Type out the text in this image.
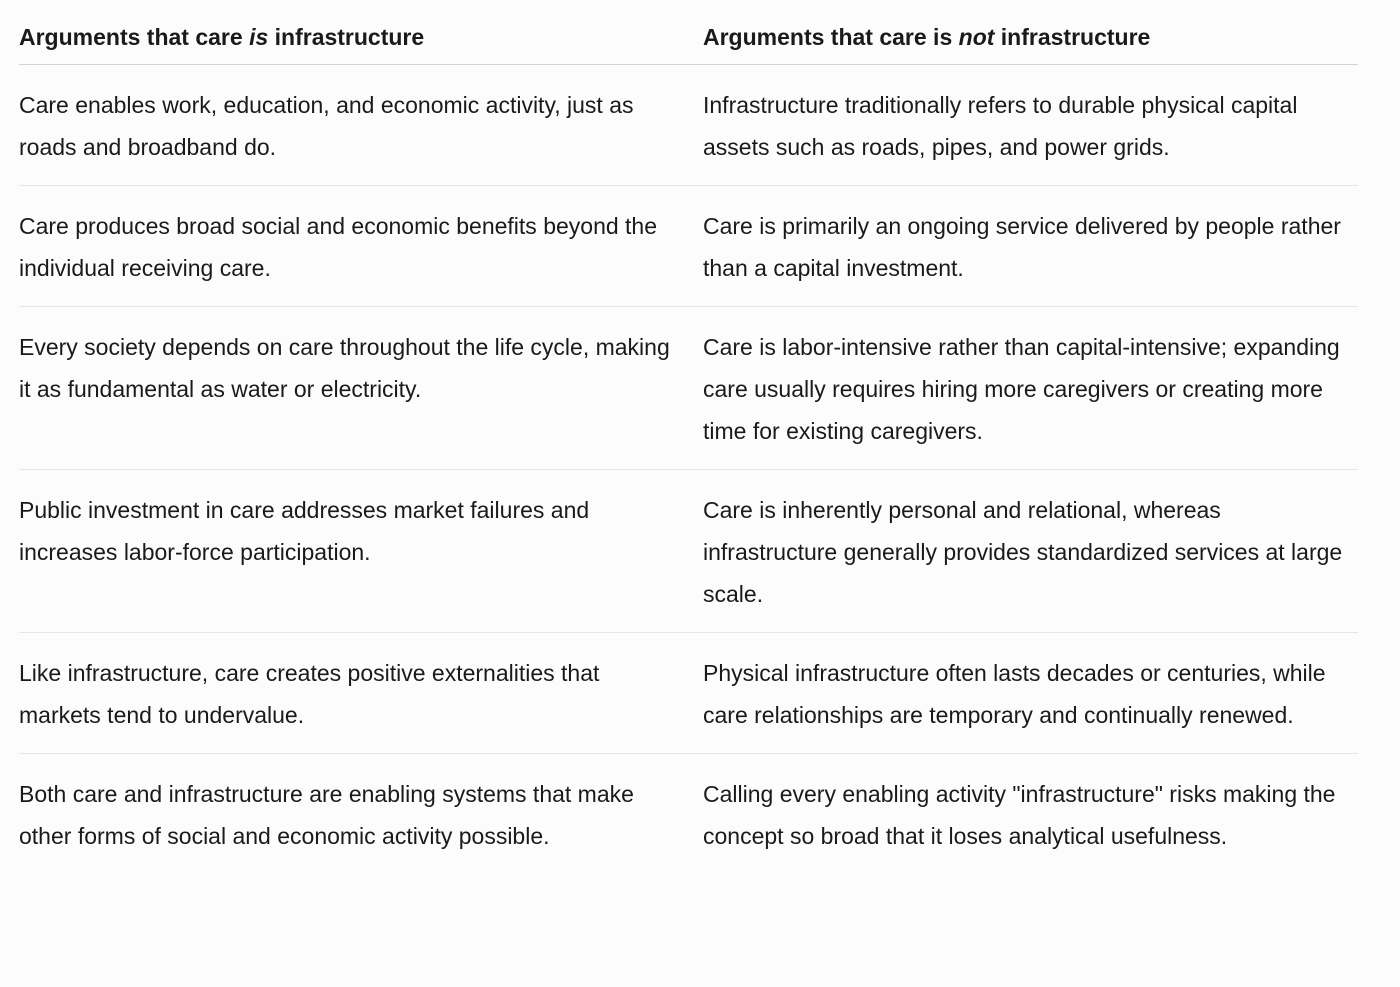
Arguments that care is infrastructure	Arguments that care is not infrastructure
Care enables work, education, and economic activity, just as roads and broadband do.
Infrastructure traditionally refers to durable physical capital assets such as roads, pipes, and power grids.
Care produces broad social and economic benefits beyond the individual receiving care.
Care is primarily an ongoing service delivered by people rather than a capital investment.
Every society depends on care throughout the life cycle, making it as fundamental as water or electricity.
Care is labor-intensive rather than capital-intensive; expanding care usually requires hiring more caregivers or creating more time for existing caregivers.
Public investment in care addresses market failures and increases labor-force participation.
Care is inherently personal and relational, whereas infrastructure generally provides standardized services at large scale.
Like infrastructure, care creates positive externalities that markets tend to undervalue.
Physical infrastructure often lasts decades or centuries, while care relationships are temporary and continually renewed.
Both care and infrastructure are enabling systems that make other forms of social and economic activity possible.
Calling every enabling activity "infrastructure" risks making the concept so broad that it loses analytical usefulness.
